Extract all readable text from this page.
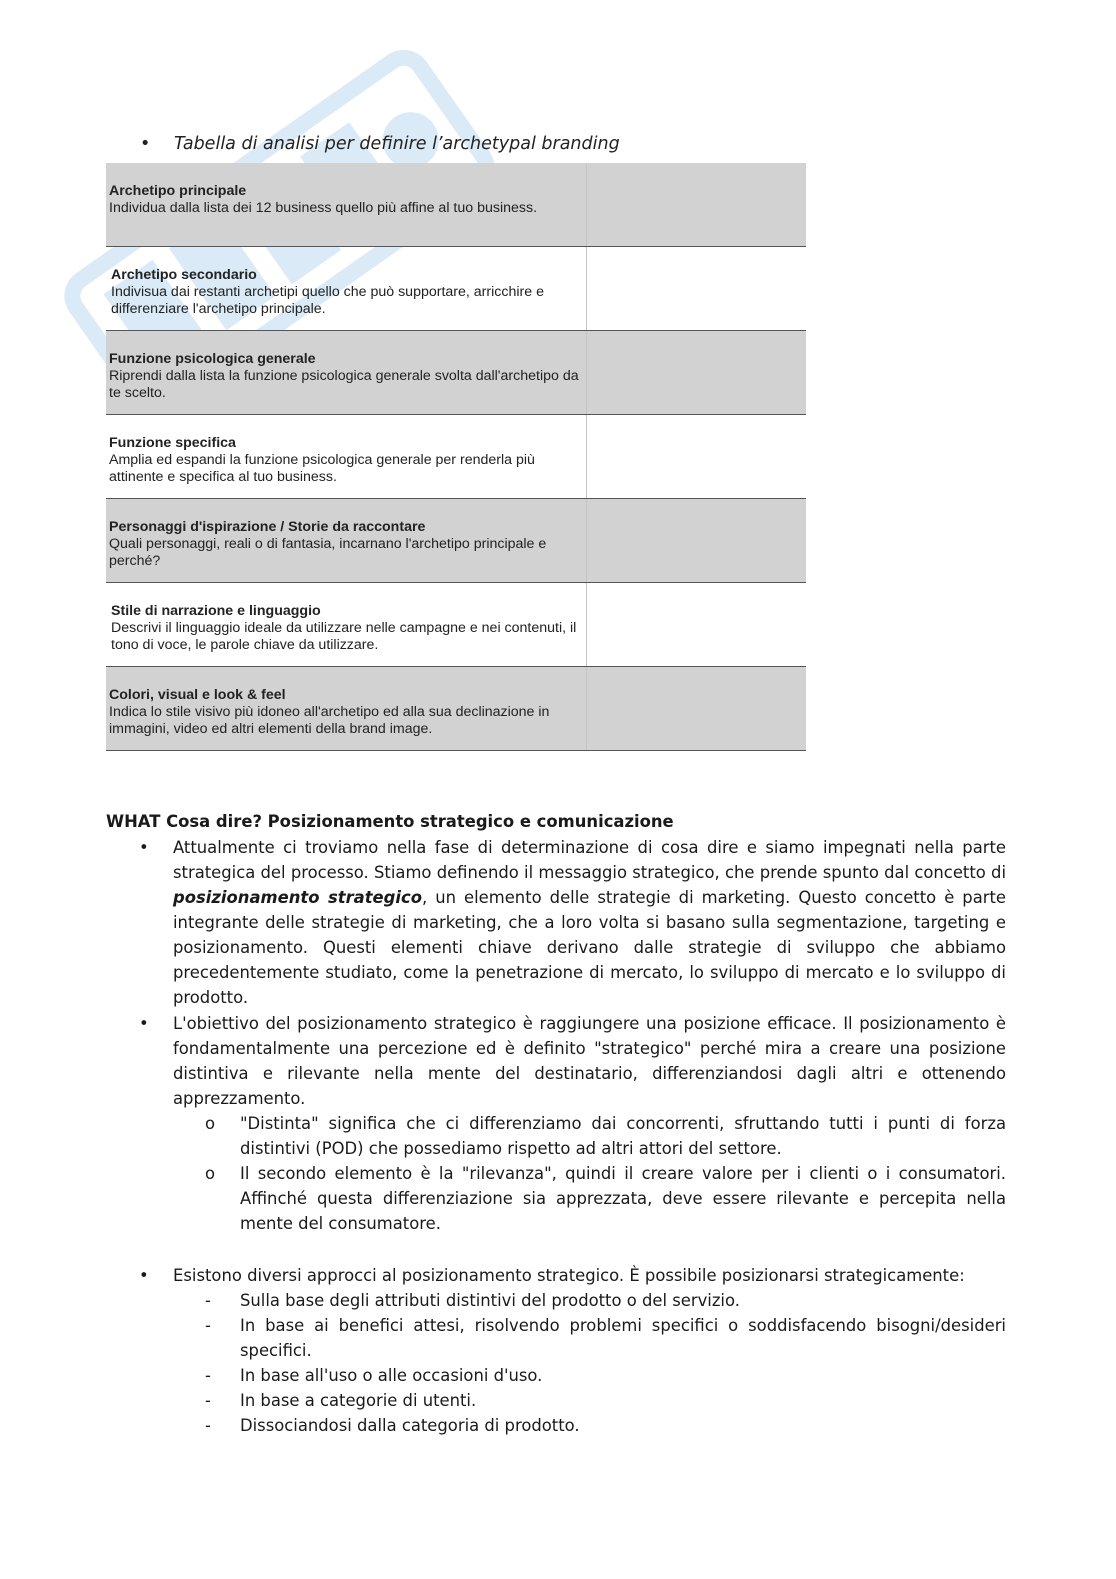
• Tabella di analisi per definire l’archetypal branding
Archetipo principale
Individua dalla lista dei 12 business quello più affine al tuo business.
Archetipo secondario
Indivisua dai restanti archetipi quello che può supportare, arricchire e differenziare l'archetipo principale.
Funzione psicologica generale
Riprendi dalla lista la funzione psicologica generale svolta dall'archetipo da te scelto.
Funzione specifica
Amplia ed espandi la funzione psicologica generale per renderla più attinente e specifica al tuo business.
Personaggi d'ispirazione / Storie da raccontare
Quali personaggi, reali o di fantasia, incarnano l'archetipo principale e perché?
Stile di narrazione e linguaggio
Descrivi il linguaggio ideale da utilizzare nelle campagne e nei contenuti, il tono di voce, le parole chiave da utilizzare.
Colori, visual e look & feel
Indica lo stile visivo più idoneo all'archetipo ed alla sua declinazione in immagini, video ed altri elementi della brand image.
WHAT Cosa dire? Posizionamento strategico e comunicazione
• Attualmente ci troviamo nella fase di determinazione di cosa dire e siamo impegnati nella parte strategica del processo. Stiamo definendo il messaggio strategico, che prende spunto dal concetto di posizionamento strategico, un elemento delle strategie di marketing. Questo concetto è parte integrante delle strategie di marketing, che a loro volta si basano sulla segmentazione, targeting e posizionamento. Questi elementi chiave derivano dalle strategie di sviluppo che abbiamo precedentemente studiato, come la penetrazione di mercato, lo sviluppo di mercato e lo sviluppo di prodotto.
• L'obiettivo del posizionamento strategico è raggiungere una posizione efficace. Il posizionamento è fondamentalmente una percezione ed è definito "strategico" perché mira a creare una posizione distintiva e rilevante nella mente del destinatario, differenziandosi dagli altri e ottenendo apprezzamento.
o "Distinta" significa che ci differenziamo dai concorrenti, sfruttando tutti i punti di forza distintivi (POD) che possediamo rispetto ad altri attori del settore.
o Il secondo elemento è la "rilevanza", quindi il creare valore per i clienti o i consumatori. Affinché questa differenziazione sia apprezzata, deve essere rilevante e percepita nella mente del consumatore.
• Esistono diversi approcci al posizionamento strategico. È possibile posizionarsi strategicamente:
- Sulla base degli attributi distintivi del prodotto o del servizio.
- In base ai benefici attesi, risolvendo problemi specifici o soddisfacendo bisogni/desideri specifici.
- In base all'uso o alle occasioni d'uso.
- In base a categorie di utenti.
- Dissociandosi dalla categoria di prodotto.
